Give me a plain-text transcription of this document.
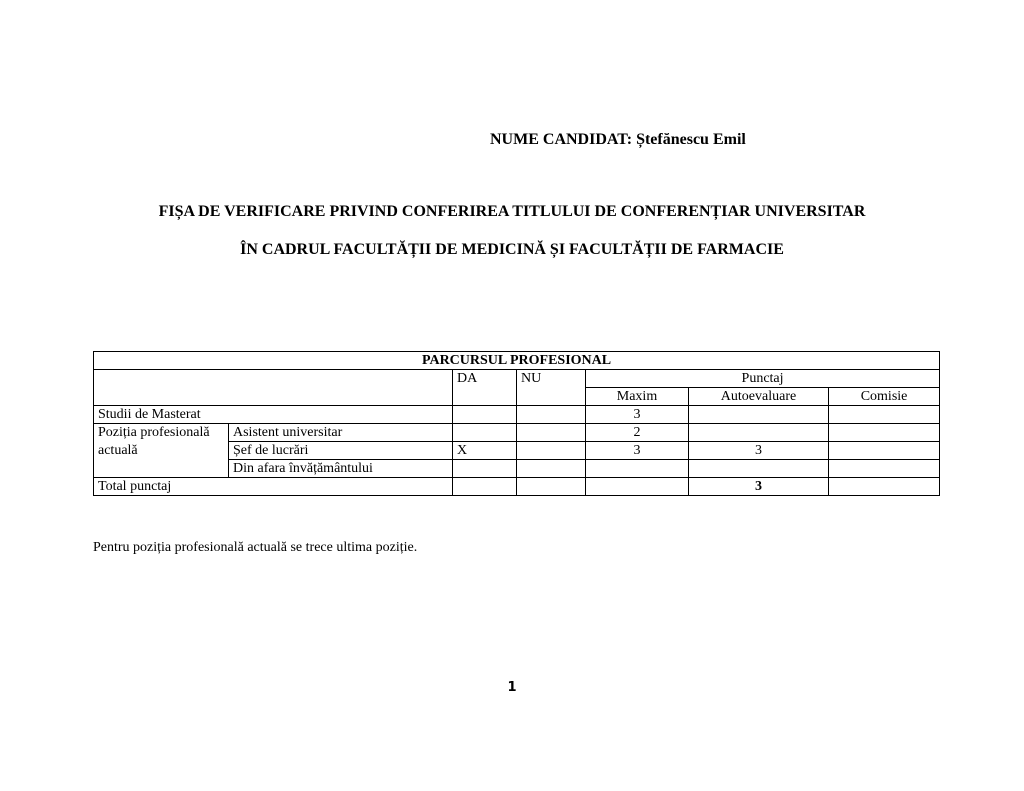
NUME CANDIDAT: Ștefănescu Emil
FIȘA DE VERIFICARE PRIVIND CONFERIREA TITLULUI DE CONFERENȚIAR UNIVERSITAR
ÎN CADRUL FACULTĂȚII DE MEDICINĂ ȘI FACULTĂȚII DE FARMACIE
PARCURSUL PROFESIONAL						
		DA	NU	Punctaj		
				Maxim	Autoevaluare	Comisie
Studii de Masterat				3		
Poziția profesională actuală	Asistent universitar			2		
	Șef de lucrări	X		3	3	
	Din afara învățământului					
Total punctaj					3	
Pentru poziția profesională actuală se trece ultima poziție.
1
